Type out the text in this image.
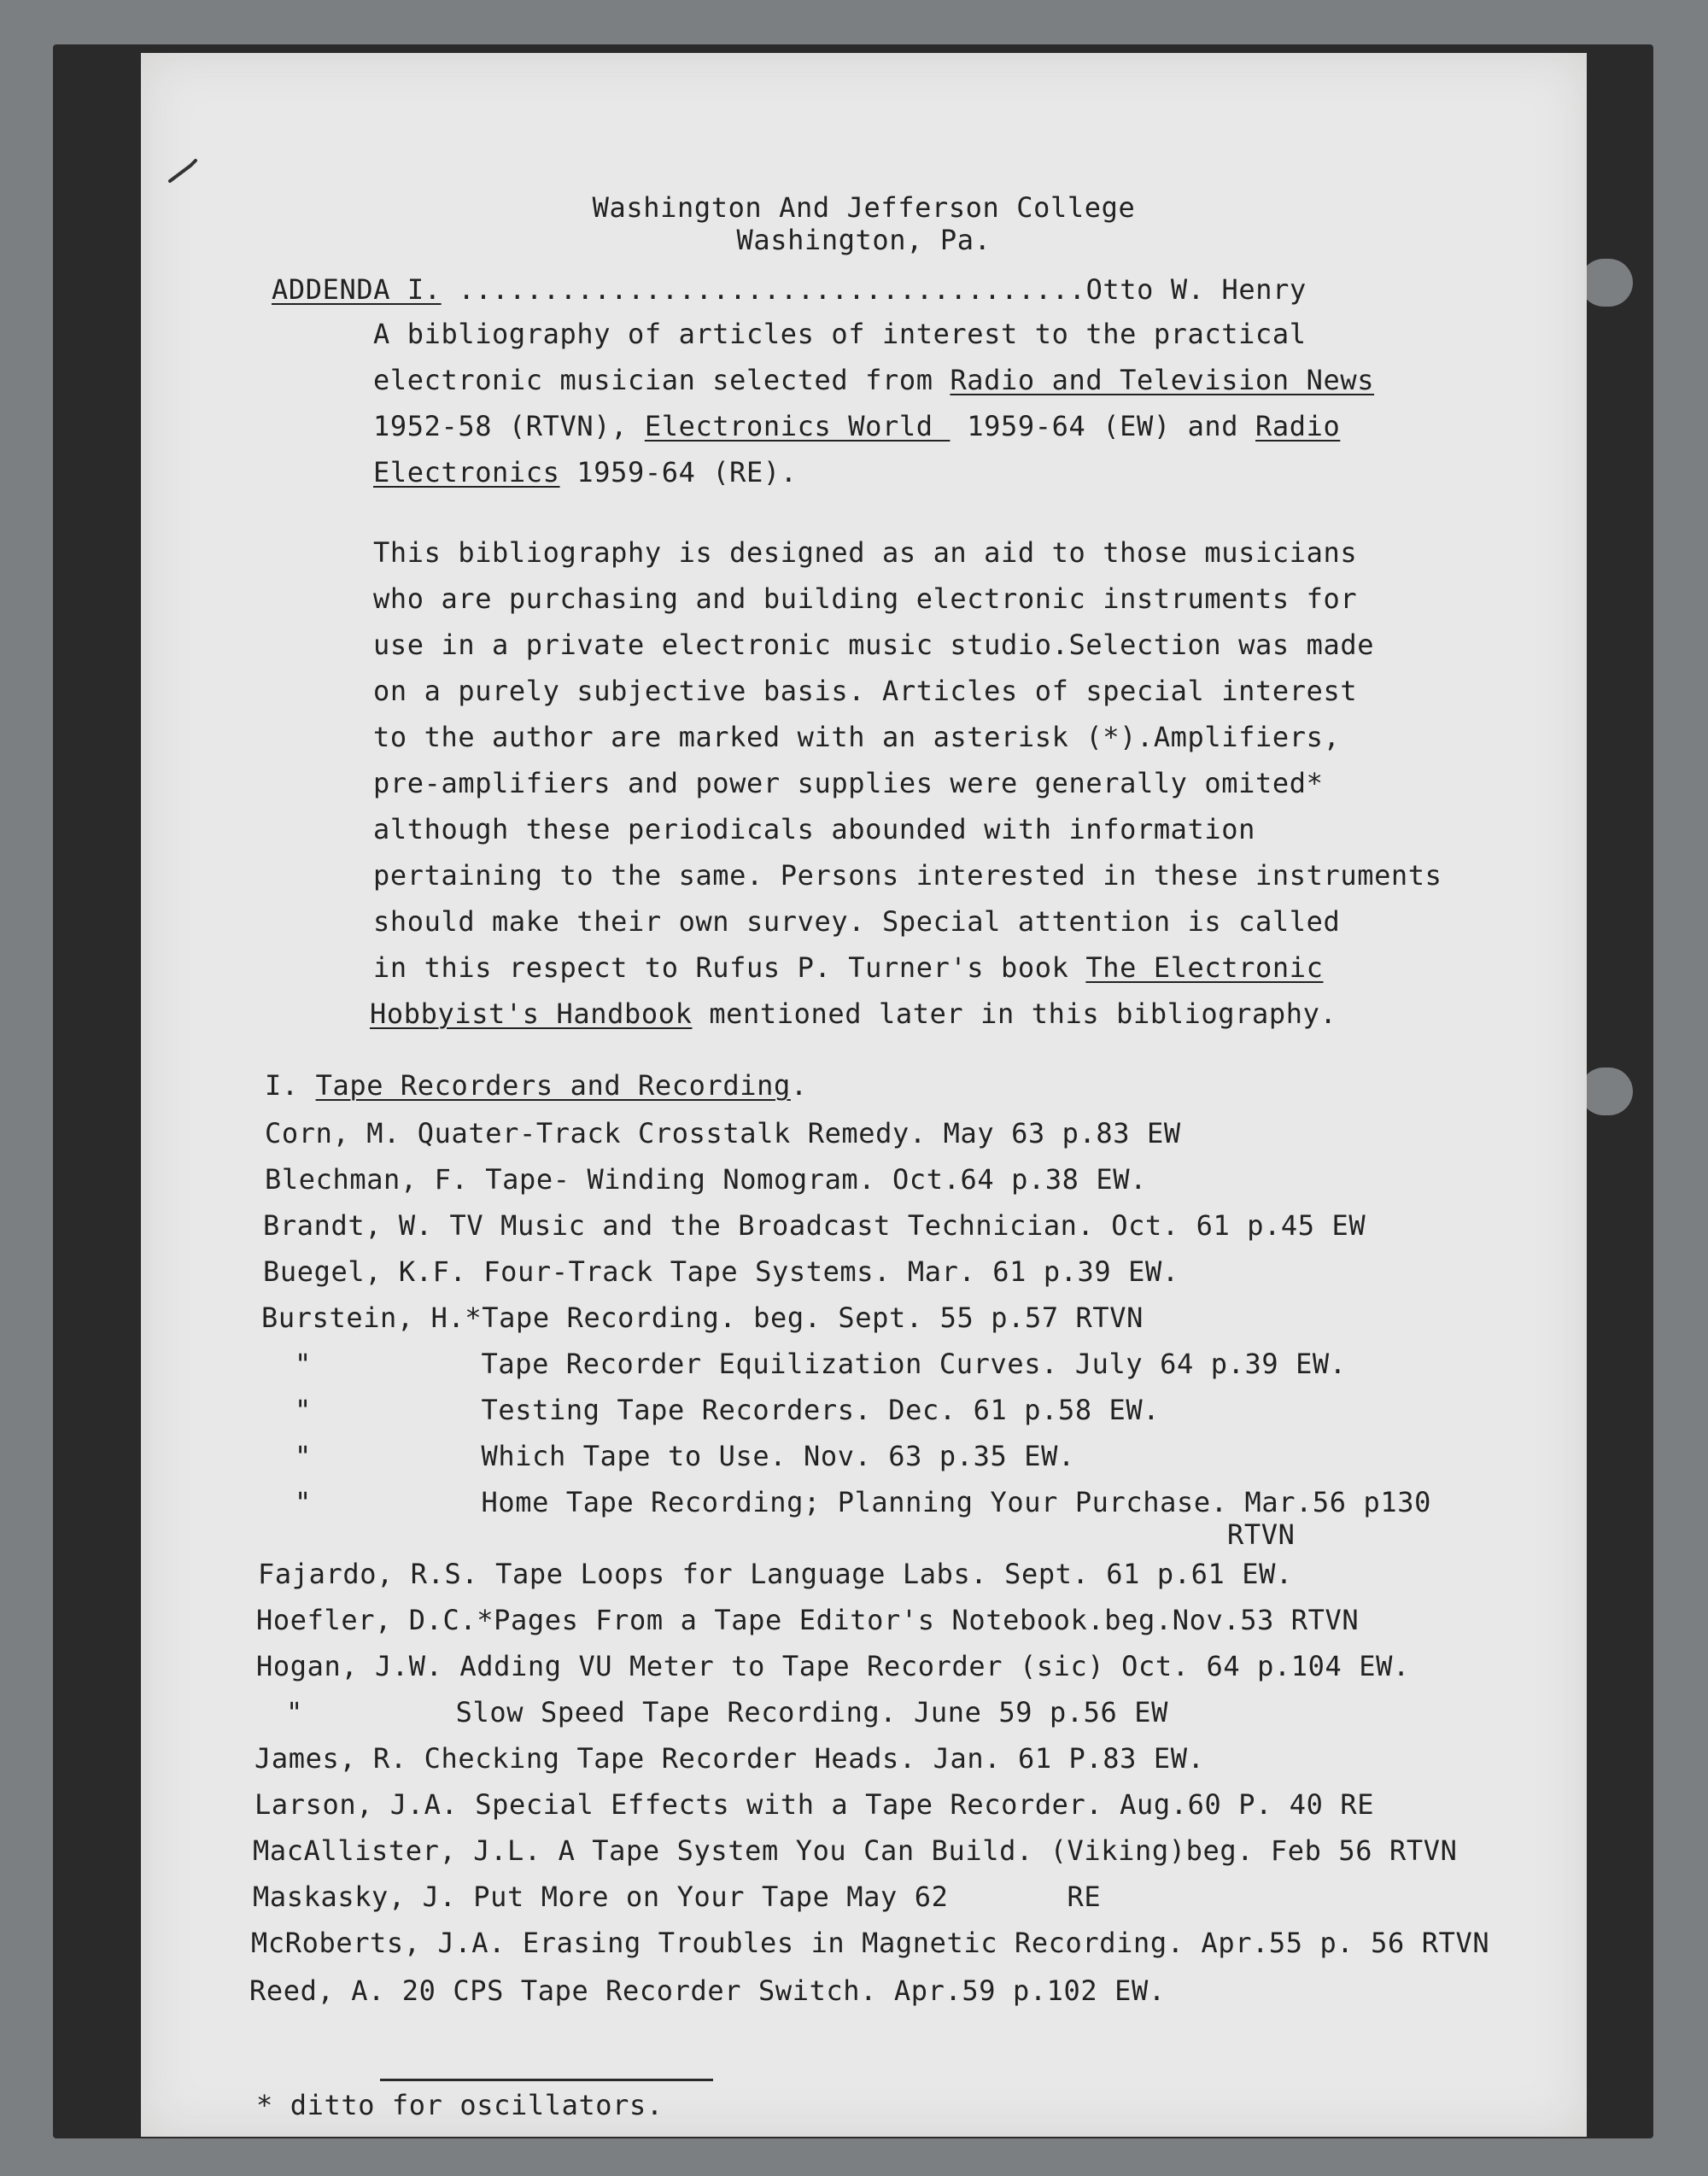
Washington And Jefferson College
Washington, Pa.
ADDENDA I. .....................................Otto W. Henry
A bibliography of articles of interest to the practical
electronic musician selected from Radio and Television News
1952-58 (RTVN), Electronics World  1959-64 (EW) and Radio
Electronics 1959-64 (RE).
This bibliography is designed as an aid to those musicians
who are purchasing and building electronic instruments for
use in a private electronic music studio.Selection was made
on a purely subjective basis. Articles of special interest
to the author are marked with an asterisk (*).Amplifiers,
pre-amplifiers and power supplies were generally omited*
although these periodicals abounded with information
pertaining to the same. Persons interested in these instruments
should make their own survey. Special attention is called
in this respect to Rufus P. Turner's book The Electronic
Hobbyist's Handbook mentioned later in this bibliography.
I. Tape Recorders and Recording.
Corn, M. Quater-Track Crosstalk Remedy. May 63 p.83 EW
Blechman, F. Tape- Winding Nomogram. Oct.64 p.38 EW.
Brandt, W. TV Music and the Broadcast Technician. Oct. 61 p.45 EW
Buegel, K.F. Four-Track Tape Systems. Mar. 61 p.39 EW.
Burstein, H.*Tape Recording. beg. Sept. 55 p.57 RTVN
"          Tape Recorder Equilization Curves. July 64 p.39 EW.
"          Testing Tape Recorders. Dec. 61 p.58 EW.
"          Which Tape to Use. Nov. 63 p.35 EW.
"          Home Tape Recording; Planning Your Purchase. Mar.56 p130
RTVN
Fajardo, R.S. Tape Loops for Language Labs. Sept. 61 p.61 EW.
Hoefler, D.C.*Pages From a Tape Editor's Notebook.beg.Nov.53 RTVN
Hogan, J.W. Adding VU Meter to Tape Recorder (sic) Oct. 64 p.104 EW.
"         Slow Speed Tape Recording. June 59 p.56 EW
James, R. Checking Tape Recorder Heads. Jan. 61 P.83 EW.
Larson, J.A. Special Effects with a Tape Recorder. Aug.60 P. 40 RE
MacAllister, J.L. A Tape System You Can Build. (Viking)beg. Feb 56 RTVN
Maskasky, J. Put More on Your Tape May 62       RE
McRoberts, J.A. Erasing Troubles in Magnetic Recording. Apr.55 p. 56 RTVN
Reed, A. 20 CPS Tape Recorder Switch. Apr.59 p.102 EW.
* ditto for oscillators.
